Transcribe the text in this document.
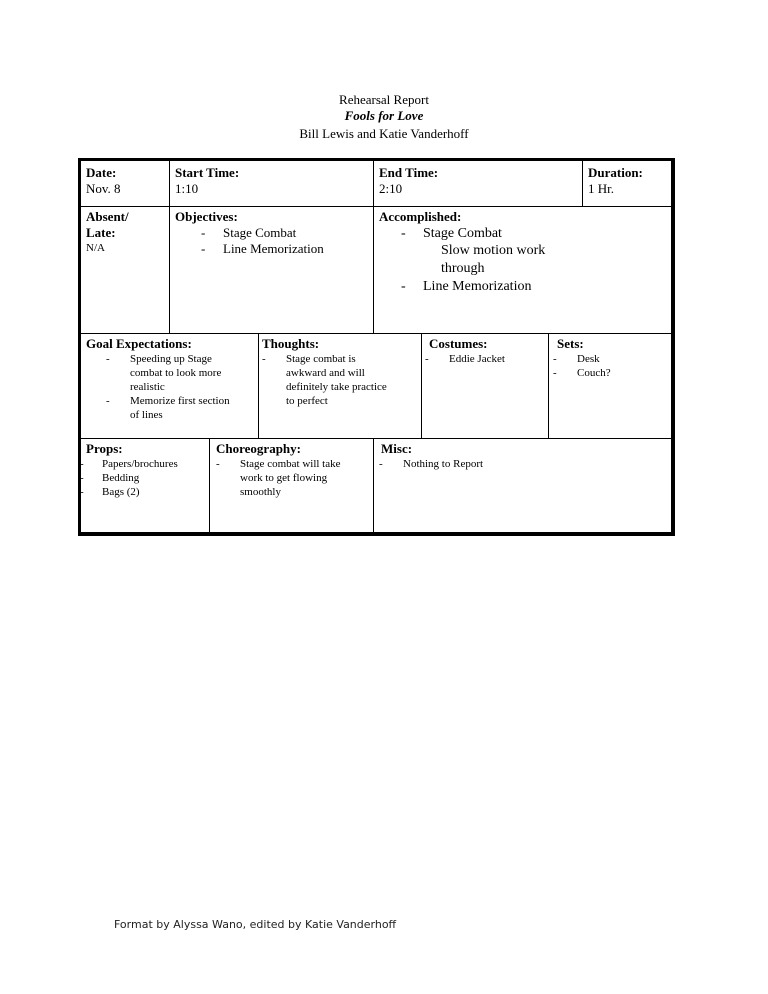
Rehearsal Report
Fools for Love
Bill Lewis and Katie Vanderhoff
Date:
Nov. 8
Start Time:
1:10
End Time:
2:10
Duration:
1 Hr.
Absent/
Late:
N/A
Objectives:
- Stage Combat
- Line Memorization
Accomplished:
- Stage Combat
Slow motion work through
- Line Memorization
Goal Expectations:
- Speeding up Stage
combat to look more
realistic
- Memorize first section
of lines
Thoughts:
- Stage combat is
awkward and will
definitely take practice
to perfect
Costumes:
- Eddie Jacket
Sets:
- Desk
- Couch?
Props:
- Papers/brochures
- Bedding
- Bags (2)
Choreography:
- Stage combat will take
work to get flowing
smoothly
Misc:
- Nothing to Report
Format by Alyssa Wano, edited by Katie Vanderhoff
